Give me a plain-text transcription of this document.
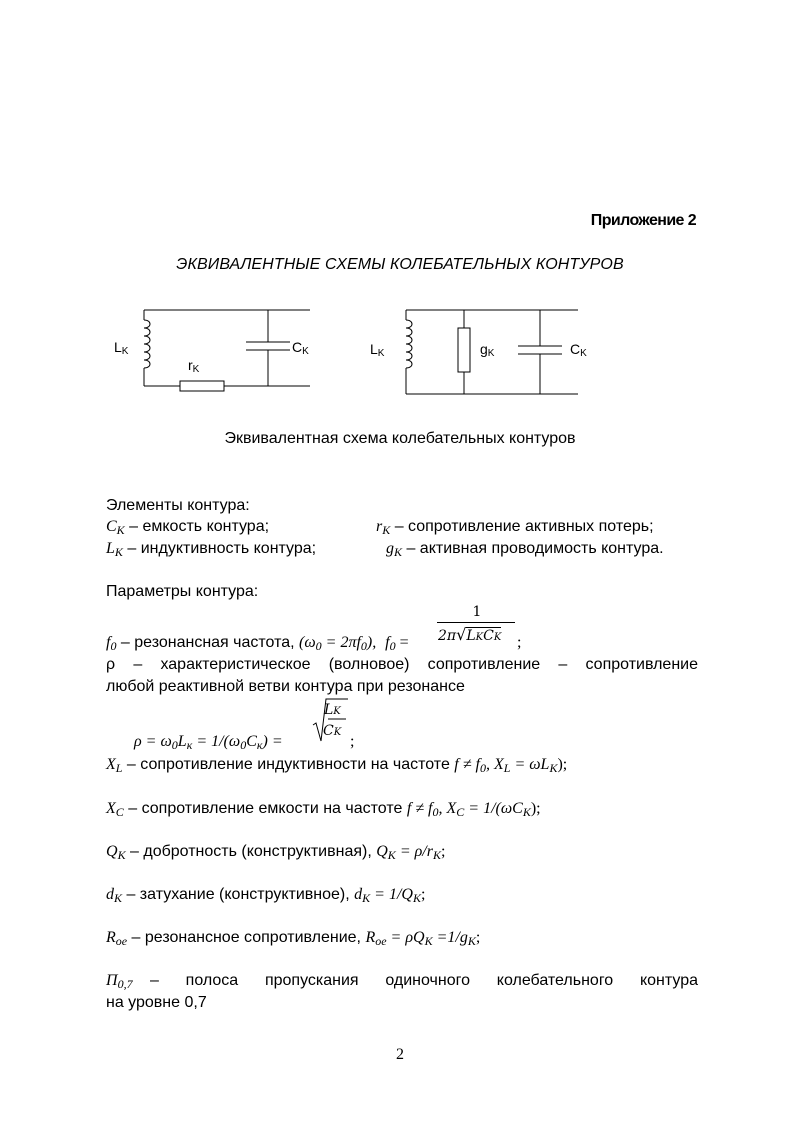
Приложение 2
ЭКВИВАЛЕНТНЫЕ СХЕМЫ КОЛЕБАТЕЛЬНЫХ КОНТУРОВ
LK
rK
CK	LK	gK	CK
Эквивалентная схема колебательных контуров
Элементы контура:
$C_K$ – емкость контура;	$r_K$ – сопротивление активных потерь;
$L_K$ – индуктивность контура;	$g_K$ – активная проводимость контура.
Параметры контура:
1
2π√LKCK
$f_0$ – резонансная частота, $(\omega_0 = 2\pi f_0)$, $f_0$ =	;
ρ – характеристическое (волновое) сопротивление – сопротивление
любой реактивной ветви контура при резонансе
LK
CK
$\rho = \omega_0L_к = 1/(\omega_0C_к)$ =	;
$X_L$ – сопротивление индуктивности на частоте $f \ne f_0$, $X_L = \omega L_K$);
$X_C$ – сопротивление емкости на частоте $f \ne f_0$, $X_C = 1/(\omega C_K)$;
$Q_K$ – добротность (конструктивная), $Q_K = \rho/r_K$;
$d_K$ – затухание (конструктивное), $d_K = 1/Q_K$;
$R_{oe}$ – резонансное сопротивление, $R_{oe} = \rho Q_K =1/g_K$;
$П_{0,7}$ – полоса пропускания одиночного колебательного контура
на уровне 0,7
2
